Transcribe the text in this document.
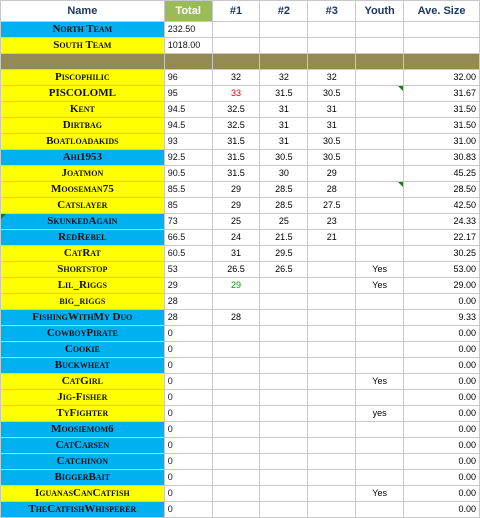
Name	Total	#1	#2	#3	Youth	Ave. Size
North Team	232.50					
South Team	1018.00					

Piscophilic	96	32	32	32		32.00
PISCOLOML	95	33	31.5	30.5		31.67
Kent	94.5	32.5	31	31		31.50
Dirtbag	94.5	32.5	31	31		31.50
Boatloadakids	93	31.5	31	30.5		31.00
Ahi1953	92.5	31.5	30.5	30.5		30.83
Joatmon	90.5	31.5	30	29		45.25
Mooseman75	85.5	29	28.5	28		28.50
Catslayer	85	29	28.5	27.5		42.50
SkunkedAgain	73	25	25	23		24.33
RedRebel	66.5	24	21.5	21		22.17
CatRat	60.5	31	29.5			30.25
Shortstop	53	26.5	26.5		Yes	53.00
Lil_Riggs	29	29			Yes	29.00
big_riggs	28					0.00
FishingWithMy Duo	28	28				9.33
CowboyPirate	0					0.00
Cookie	0					0.00
Buckwheat	0					0.00
CatGirl	0				Yes	0.00
Jig-Fisher	0					0.00
TyFighter	0				yes	0.00
Moosiemom6	0					0.00
CatCarsen	0					0.00
Catchinon	0					0.00
BiggerBait	0					0.00
IguanasCanCatfish	0				Yes	0.00
TheCatfishWhisperer	0					0.00
